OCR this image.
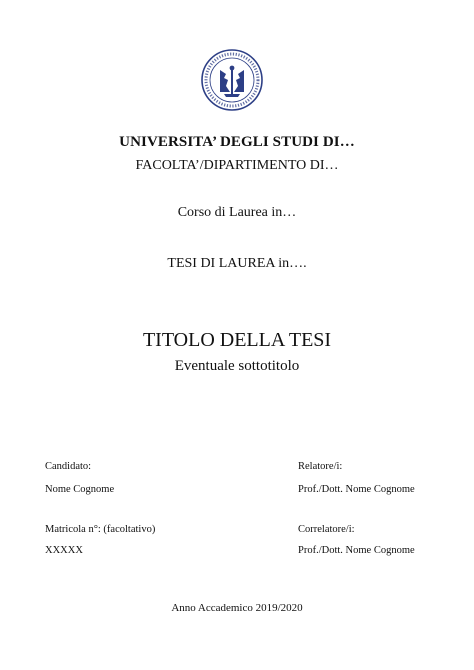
UNIVERSITA’ DEGLI STUDI DI…
FACOLTA’/DIPARTIMENTO DI…
Corso di Laurea in…
TESI DI LAUREA in….
TITOLO DELLA TESI
Eventuale sottotitolo
Candidato:
Nome Cognome
Matricola n°: (facoltativo)
XXXXX
Relatore/i:
Prof./Dott. Nome Cognome
Correlatore/i:
Prof./Dott. Nome Cognome
Anno Accademico 2019/2020
